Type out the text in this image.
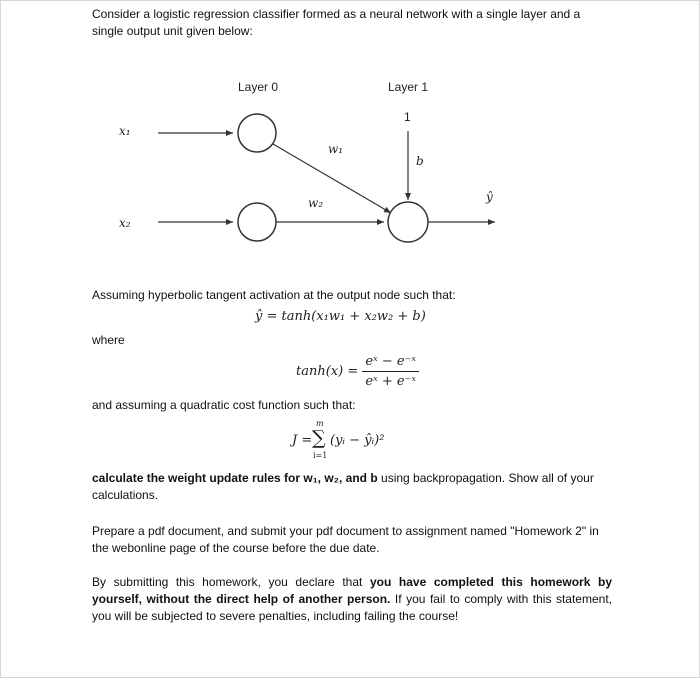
Consider a logistic regression classifier formed as a neural network with a single layer and a single output unit given below:
Layer 0	Layer 1
x₁
x₂
w₁
w₂
1
b
ŷ
Assuming hyperbolic tangent activation at the output node such that:
ŷ = tanh(x₁w₁ + x₂w₂ + b)
where
$\tanh(x) = \frac{\text{eˣ − e⁻ˣ}}{\text{eˣ + e⁻ˣ}}$
and assuming a quadratic cost function such that:
J =
m
∑
i=1
(yᵢ − ŷᵢ)²
calculate the weight update rules for w₁, w₂, and b using backpropagation. Show all of your calculations.
Prepare a pdf document, and submit your pdf document to assignment named "Homework 2" in the webonline page of the course before the due date.
By submitting this homework, you declare that you have completed this homework by yourself, without the direct help of another person. If you fail to comply with this statement, you will be subjected to severe penalties, including failing the course!
